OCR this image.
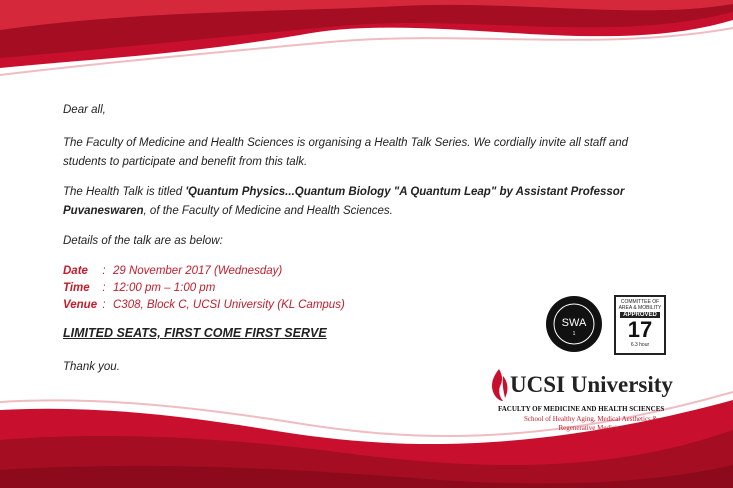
Dear all,

The Faculty of Medicine and Health Sciences is organising a Health Talk Series. We cordially invite all staff and students to participate and benefit from this talk.

The Health Talk is titled 'Quantum Physics...Quantum Biology "A Quantum Leap" by Assistant Professor Puvaneswaren, of the Faculty of Medicine and Health Sciences.

Details of the talk are as below:

Date : 29 November 2017 (Wednesday)
Time : 12:00 pm – 1:00 pm
Venue : C308, Block C, UCSI University (KL Campus)
LIMITED SEATS, FIRST COME FIRST SERVE

Thank you.

SWA
1
COMMITTEE OF AREA & MOBILITY
APPROVED
17
6.3 hour
UCSI University
FACULTY OF MEDICINE AND HEALTH SCIENCES
School of Healthy Aging, Medical Aesthetics & Regenerative Medicine
